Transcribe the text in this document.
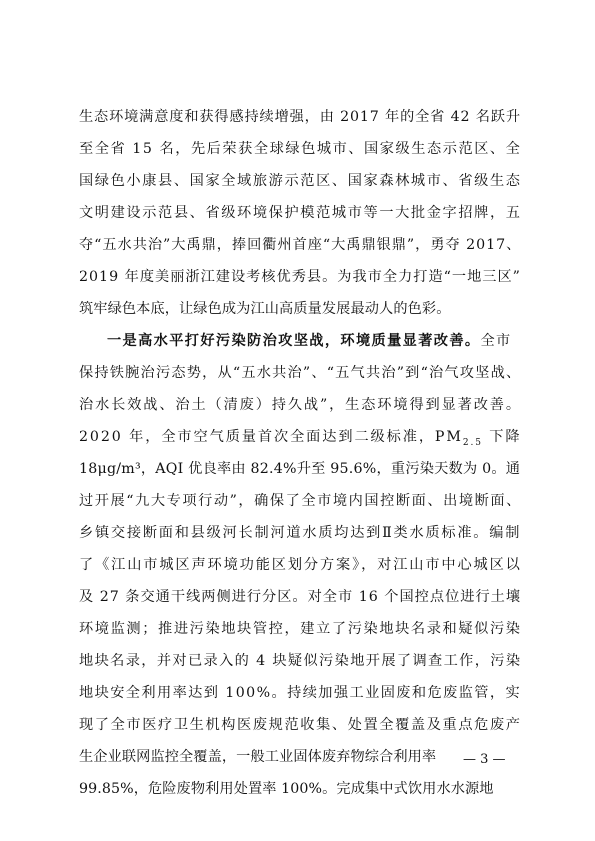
生态环境满意度和获得感持续增强，由 2017 年的全省 42 名跃升
至全省 15 名，先后荣获全球绿色城市、国家级生态示范区、全
国绿色小康县、国家全域旅游示范区、国家森林城市、省级生态
文明建设示范县、省级环境保护模范城市等一大批金字招牌，五
夺“五水共治”大禹鼎，捧回衢州首座“大禹鼎银鼎”，勇夺 2017、
2019 年度美丽浙江建设考核优秀县。为我市全力打造“一地三区”
筑牢绿色本底，让绿色成为江山高质量发展最动人的色彩。
一是高水平打好污染防治攻坚战，环境质量显著改善。全市
保持铁腕治污态势，从“五水共治”、“五气共治”到“治气攻坚战、
治水长效战、治土（清废）持久战”，生态环境得到显著改善。
2020 年，全市空气质量首次全面达到二级标准，$PM_{2.5}$ 下降
18μg/m³，AQI 优良率由 82.4%升至 95.6%，重污染天数为 0。通
过开展“九大专项行动”，确保了全市境内国控断面、出境断面、
乡镇交接断面和县级河长制河道水质均达到Ⅱ类水质标准。编制
了《江山市城区声环境功能区划分方案》，对江山市中心城区以
及 27 条交通干线两侧进行分区。对全市 16 个国控点位进行土壤
环境监测；推进污染地块管控，建立了污染地块名录和疑似污染
地块名录，并对已录入的 4 块疑似污染地开展了调查工作，污染
地块安全利用率达到 100%。持续加强工业固废和危废监管，实
现了全市医疗卫生机构医废规范收集、处置全覆盖及重点危废产
生企业联网监控全覆盖，一般工业固体废弃物综合利用率
99.85%，危险废物利用处置率 100%。完成集中式饮用水水源地
— 3 —
